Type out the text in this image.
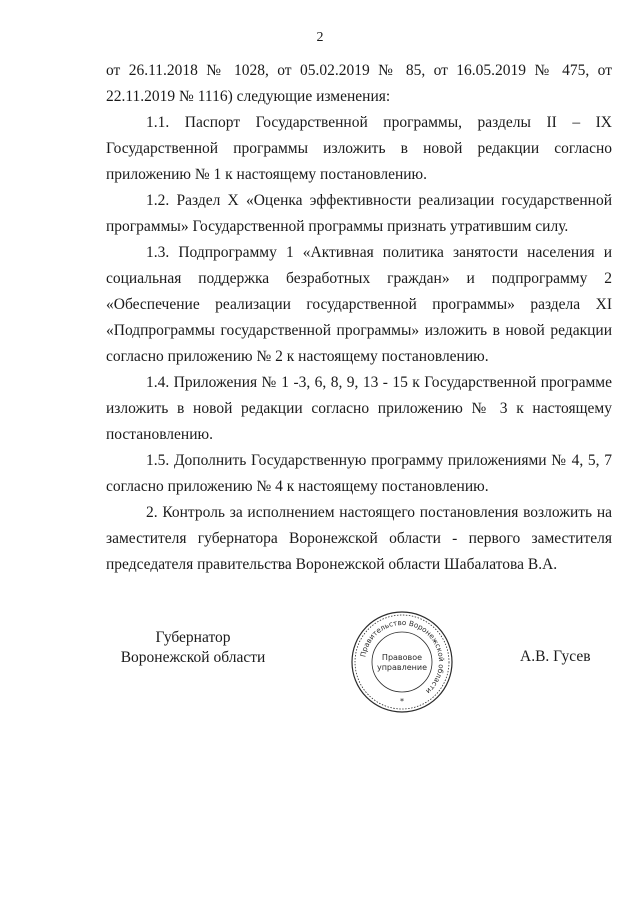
2

от 26.11.2018 № 1028, от 05.02.2019 № 85, от 16.05.2019 № 475, от 22.11.2019 № 1116) следующие изменения:

1.1. Паспорт Государственной программы, разделы II – IX Государственной программы изложить в новой редакции согласно приложению № 1 к настоящему постановлению.

1.2. Раздел X «Оценка эффективности реализации государственной программы» Государственной программы признать утратившим силу.

1.3. Подпрограмму 1 «Активная политика занятости населения и социальная поддержка безработных граждан» и подпрограмму 2 «Обеспечение реализации государственной программы» раздела XI «Подпрограммы государственной программы» изложить в новой редакции согласно приложению № 2 к настоящему постановлению.

1.4. Приложения № 1 -3, 6, 8, 9, 13 - 15 к Государственной программе изложить в новой редакции согласно приложению № 3 к настоящему постановлению.

1.5. Дополнить Государственную программу приложениями № 4, 5, 7 согласно приложению № 4 к настоящему постановлению.

2. Контроль за исполнением настоящего постановления возложить на заместителя губернатора Воронежской области - первого заместителя председателя правительства Воронежской области Шабалатова В.А.

Губернатор
Воронежской области	Правительство Воронежской области
Правовое
управление
*
А.В. Гусев
